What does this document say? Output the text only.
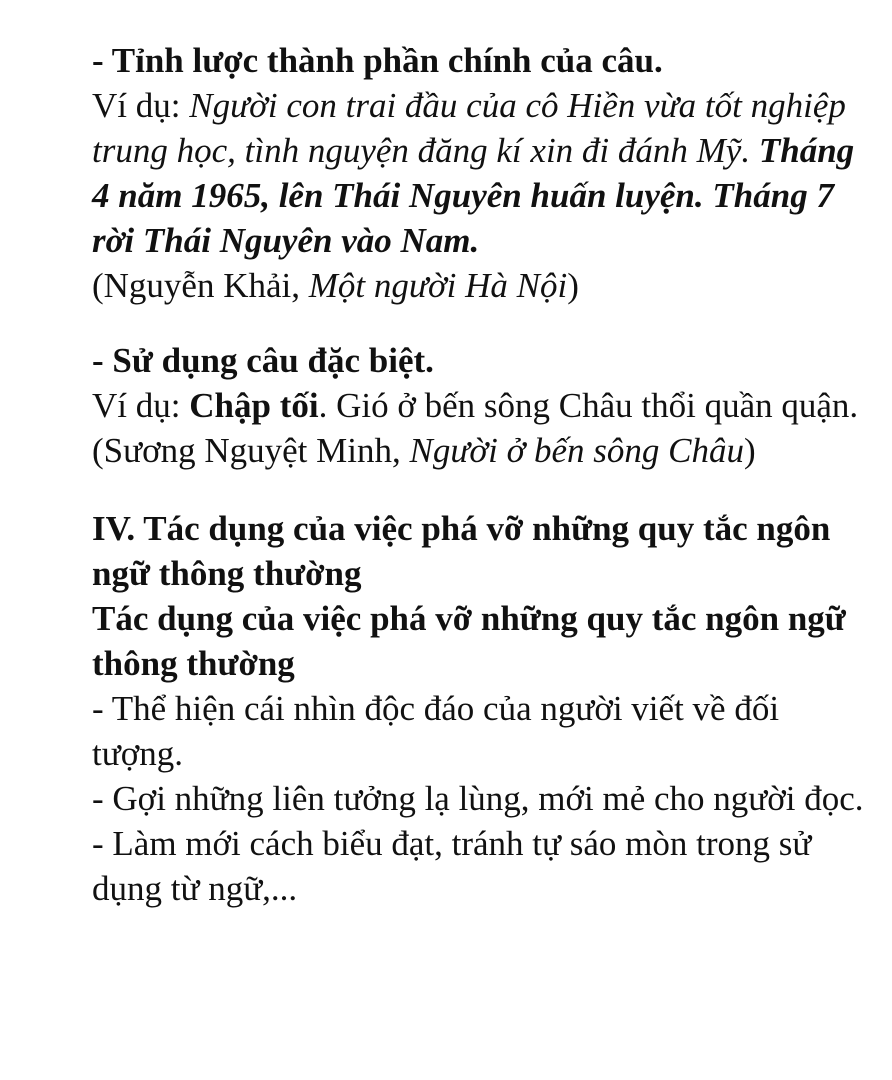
- Tỉnh lược thành phần chính của câu.

Ví dụ: Người con trai đầu của cô Hiền vừa tốt nghiệp trung học, tình nguyện đăng kí xin đi đánh Mỹ. Tháng 4 năm 1965, lên Thái Nguyên huấn luyện. Tháng 7 rời Thái Nguyên vào Nam.

(Nguyễn Khải, Một người Hà Nội)

- Sử dụng câu đặc biệt.

Ví dụ: Chập tối. Gió ở bến sông Châu thổi quần quận.

(Sương Nguyệt Minh, Người ở bến sông Châu)

IV. Tác dụng của việc phá vỡ những quy tắc ngôn ngữ thông thường

Tác dụng của việc phá vỡ những quy tắc ngôn ngữ thông thường

- Thể hiện cái nhìn độc đáo của người viết về đối tượng.

- Gợi những liên tưởng lạ lùng, mới mẻ cho người đọc.

- Làm mới cách biểu đạt, tránh tự sáo mòn trong sử dụng từ ngữ,...
